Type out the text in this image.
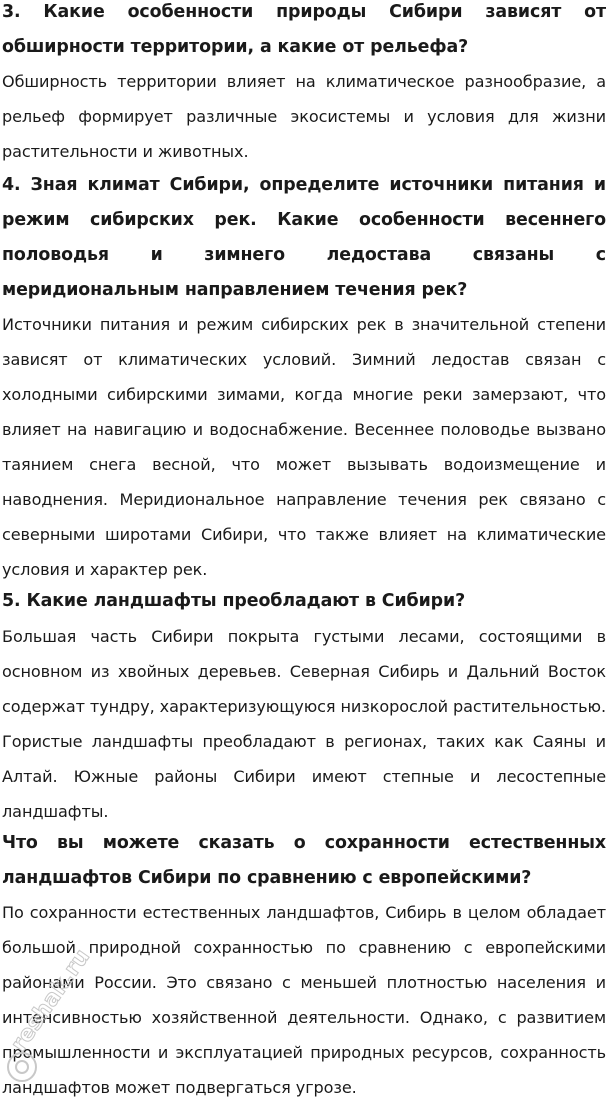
3. Какие особенности природы Сибири зависят от обширности территории, а какие от рельефа?

Обширность территории влияет на климатическое разнообразие, а рельеф формирует различные экосистемы и условия для жизни растительности и животных.

4. Зная климат Сибири, определите источники питания и режим сибирских рек. Какие особенности весеннего половодья и зимнего ледостава связаны с меридиональным направлением течения рек?

Источники питания и режим сибирских рек в значительной степени зависят от климатических условий. Зимний ледостав связан с холодными сибирскими зимами, когда многие реки замерзают, что влияет на навигацию и водоснабжение. Весеннее половодье вызвано таянием снега весной, что может вызывать водоизмещение и наводнения. Меридиональное направление течения рек связано с северными широтами Сибири, что также влияет на климатические условия и характер рек.

5. Какие ландшафты преобладают в Сибири?

Большая часть Сибири покрыта густыми лесами, состоящими в основном из хвойных деревьев. Северная Сибирь и Дальний Восток содержат тундру, характеризующуюся низкорослой растительностью. Гористые ландшафты преобладают в регионах, таких как Саяны и Алтай. Южные районы Сибири имеют степные и лесостепные ландшафты.

Что вы можете сказать о сохранности естественных ландшафтов Сибири по сравнению с европейскими?

По сохранности естественных ландшафтов, Сибирь в целом обладает большой природной сохранностью по сравнению с европейскими районами России. Это связано с меньшей плотностью населения и интенсивностью хозяйственной деятельности. Однако, с развитием промышленности и эксплуатацией природных ресурсов, сохранность ландшафтов может подвергаться угрозе.

reshak.ru
